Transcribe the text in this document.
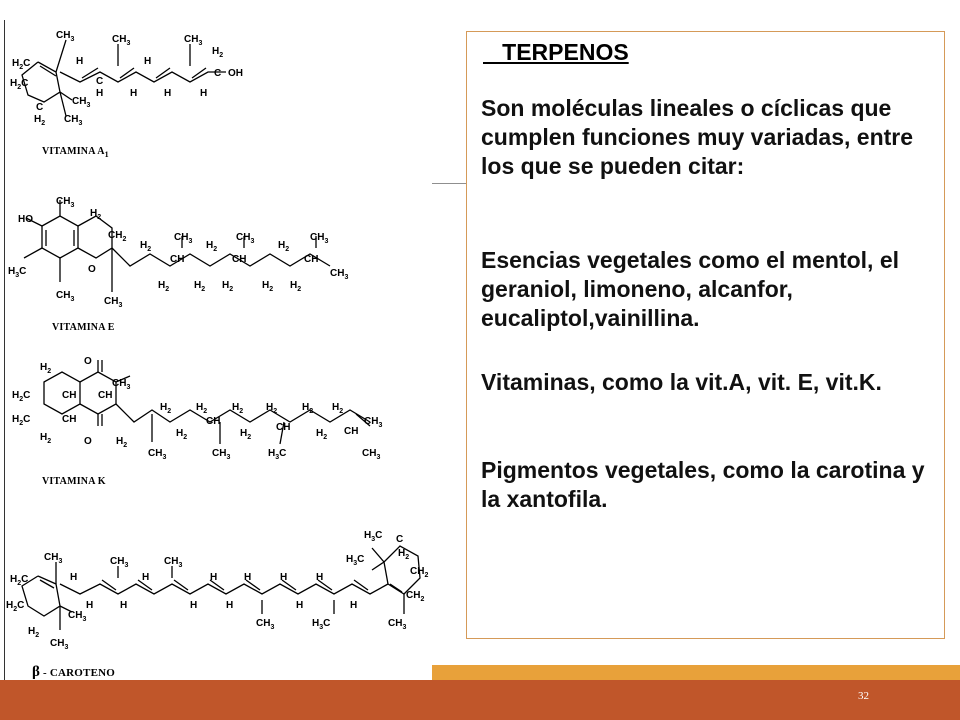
$CH_3$
$H_2C$
$H_2C$
C
$H_2$
$CH_3$
$CH_3$
H
C
H
$CH_3$
H
H	H
$CH_3$
H
$H_2$
C OH
VITAMINA $A_1$
$CH_3$
HO
$H_3C$
$CH_3$
$H_2$
$CH_2$
O
$CH_3$
$H_2$
$H_2$
$CH_3$
CH
$H_2$
$H_2$
$CH_3$
CH
$H_2$
$H_2$
$H_2$
$CH_3$
CH
$H_2$
$CH_3$
VITAMINA E
O
O
$H_2$
$H_2C$
$H_2C$
$H_2$
CH
CH
CH
$CH_3$
$H_2$
$H_2$
$CH_3$
$H_2$
$H_2$
CH
$CH_3$
$H_2$
$H_2$
$H_2$
CH
$H_3C$
$H_2$
$H_2$
$H_2$
CH
$CH_3$
$CH_3$
VITAMINA K
$CH_3$
$H_2C$
$H_2C$
$H_2$
$CH_3$
$CH_3$
H
$CH_3$
H	H
H
$CH_3$
H
H
H
H
$CH_3$
H
H
H
$H_3C$
H
$H_3C$
$H_3C$
C
$H_2$
$CH_2$
$CH_2$
$CH_3$
β - CAROTENO
TERPENOS
Son moléculas lineales o cíclicas que cumplen funciones muy variadas, entre los que se pueden citar:
Esencias vegetales como el mentol, el geraniol, limoneno, alcanfor, eucaliptol,vainillina.
Vitaminas, como la vit.A, vit. E, vit.K.
Pigmentos vegetales, como la carotina y la xantofila.
32
